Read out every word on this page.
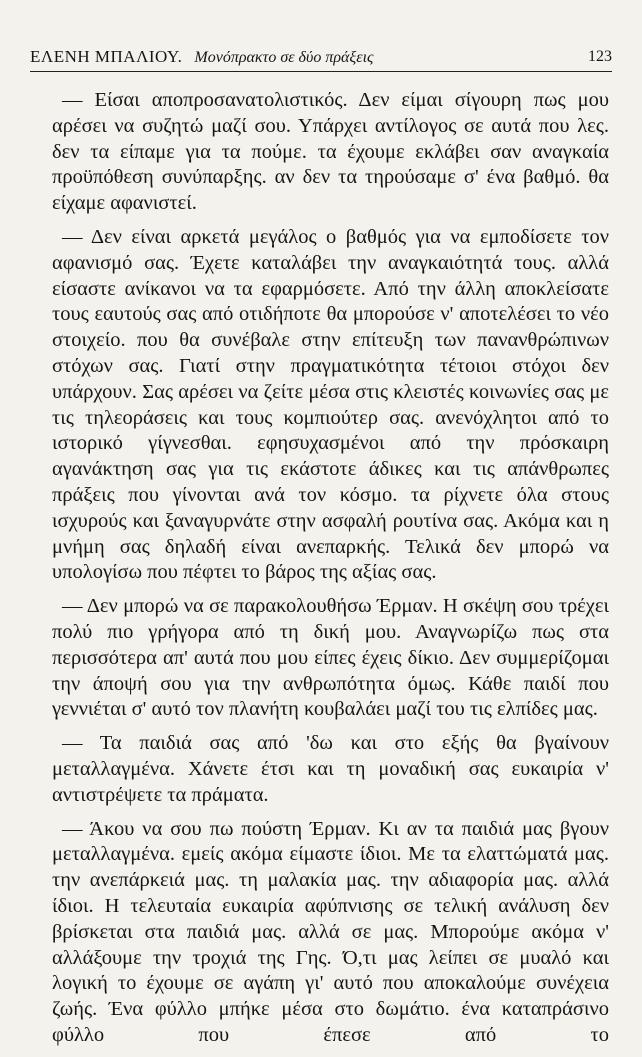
ΕΛΕΝΗ ΜΠΑΛΙΟΥ. Μονόπρακτο σε δύο πράξεις	123

— Είσαι αποπροσανατολιστικός. Δεν είμαι σίγουρη πως μου αρέσει να συζητώ μαζί σου. Υπάρχει αντίλογος σε αυτά που λες. δεν τα είπαμε για τα πούμε. τα έχουμε εκλάβει σαν αναγκαία προϋπόθεση συνύπαρξης. αν δεν τα τηρούσαμε σ' ένα βαθμό. θα είχαμε αφανιστεί.

— Δεν είναι αρκετά μεγάλος ο βαθμός για να εμποδίσετε τον αφανισμό σας. Έχετε καταλάβει την αναγκαιότητά τους. αλλά είσαστε ανίκανοι να τα εφαρμόσετε. Από την άλλη αποκλείσατε τους εαυτούς σας από οτιδήποτε θα μπορούσε ν' αποτελέσει το νέο στοιχείο. που θα συνέβαλε στην επίτευξη των πανανθρώπινων στόχων σας. Γιατί στην πραγματικότητα τέτοιοι στόχοι δεν υπάρχουν. Σας αρέσει να ζείτε μέσα στις κλειστές κοινωνίες σας με τις τηλεοράσεις και τους κομπιούτερ σας. ανενόχλητοι από το ιστορικό γίγνεσθαι. εφησυχασμένοι από την πρόσκαιρη αγανάκτηση σας για τις εκάστοτε άδικες και τις απάνθρωπες πράξεις που γίνονται ανά τον κόσμο. τα ρίχνετε όλα στους ισχυρούς και ξαναγυρνάτε στην ασφαλή ρουτίνα σας. Ακόμα και η μνήμη σας δηλαδή είναι ανεπαρκής. Τελικά δεν μπορώ να υπολογίσω που πέφτει το βάρος της αξίας σας.

— Δεν μπορώ να σε παρακολουθήσω Έρμαν. Η σκέψη σου τρέχει πολύ πιο γρήγορα από τη δική μου. Αναγνωρίζω πως στα περισσότερα απ' αυτά που μου είπες έχεις δίκιο. Δεν συμμερίζομαι την άποψή σου για την ανθρωπότητα όμως. Κάθε παιδί που γεννιέται σ' αυτό τον πλανήτη κουβαλάει μαζί του τις ελπίδες μας.

— Τα παιδιά σας από 'δω και στο εξής θα βγαίνουν μεταλλαγμένα. Χάνετε έτσι και τη μοναδική σας ευκαιρία ν' αντιστρέψετε τα πράματα.

— Άκου να σου πω πούστη Έρμαν. Κι αν τα παιδιά μας βγουν μεταλλαγμένα. εμείς ακόμα είμαστε ίδιοι. Με τα ελαττώματά μας. την ανεπάρκειά μας. τη μαλακία μας. την αδιαφορία μας. αλλά ίδιοι. Η τελευταία ευκαιρία αφύπνισης σε τελική ανάλυση δεν βρίσκεται στα παιδιά μας. αλλά σε μας. Μπορούμε ακόμα ν' αλλάξουμε την τροχιά της Γης. Ό,τι μας λείπει σε μυαλό και λογική το έχουμε σε αγάπη γι' αυτό που αποκαλούμε συνέχεια ζωής. Ένα φύλλο μπήκε μέσα στο δωμάτιο. ένα καταπράσινο φύλλο που έπεσε από το
